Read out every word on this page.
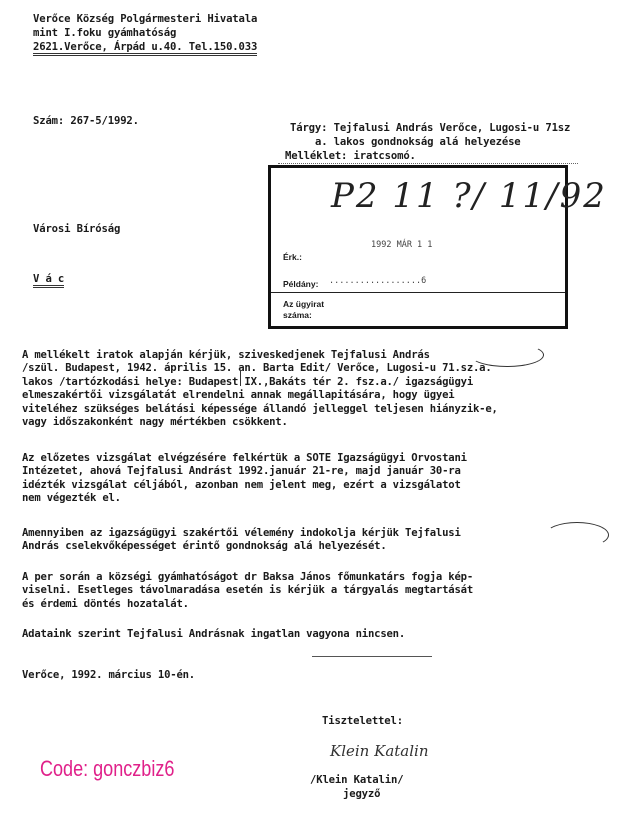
Verőce Község Polgármesteri Hivatala
mint I.foku gyámhatóság
2621.Verőce, Árpád u.40. Tel.150.033
Szám: 267-5/1992.
Tárgy: Tejfalusi András Verőce, Lugosi-u 71sz
a. lakos gondnokság alá helyezése
Melléklet: iratcsomó.
Városi Bíróság
V á c
P2 11 ?/ 11/92
Érk.:
1992 MÁR 1 1
Példány: ..................6
Az ügyirat
száma:
A mellékelt iratok alapján kérjük, sziveskedjenek Tejfalusi András
/szül. Budapest, 1942. április 15. an. Barta Edit/ Verőce, Lugosi-u 71.sz.a.
lakos /tartózkodási helye: Budapest IX.,Bakáts tér 2. fsz.a./ igazságügyi
elmeszakértői vizsgálatát elrendelni annak megállapitására, hogy ügyei
viteléhez szükséges belátási képessége állandó jelleggel teljesen hiányzik-e,
vagy időszakonként nagy mértékben csökkent.
Az előzetes vizsgálat elvégzésére felkértük a SOTE Igazságügyi Orvostani
Intézetet, ahová Tejfalusi Andrást 1992.január 21-re, majd január 30-ra
idézték vizsgálat céljából, azonban nem jelent meg, ezért a vizsgálatot
nem végezték el.
Amennyiben az igazságügyi szakértői vélemény indokolja kérjük Tejfalusi
András cselekvőképességet érintő gondnokság alá helyezését.
A per során a községi gyámhatóságot dr Baksa János főmunkatárs fogja kép-
viselni. Esetleges távolmaradása esetén is kérjük a tárgyalás megtartását
és érdemi döntés hozatalát.
Adataink szerint Tejfalusi Andrásnak ingatlan vagyona nincsen.
Verőce, 1992. március 10-én.
Tisztelettel:
Klein Katalin
/Klein Katalin/
jegyző
Code: gonczbiz6
